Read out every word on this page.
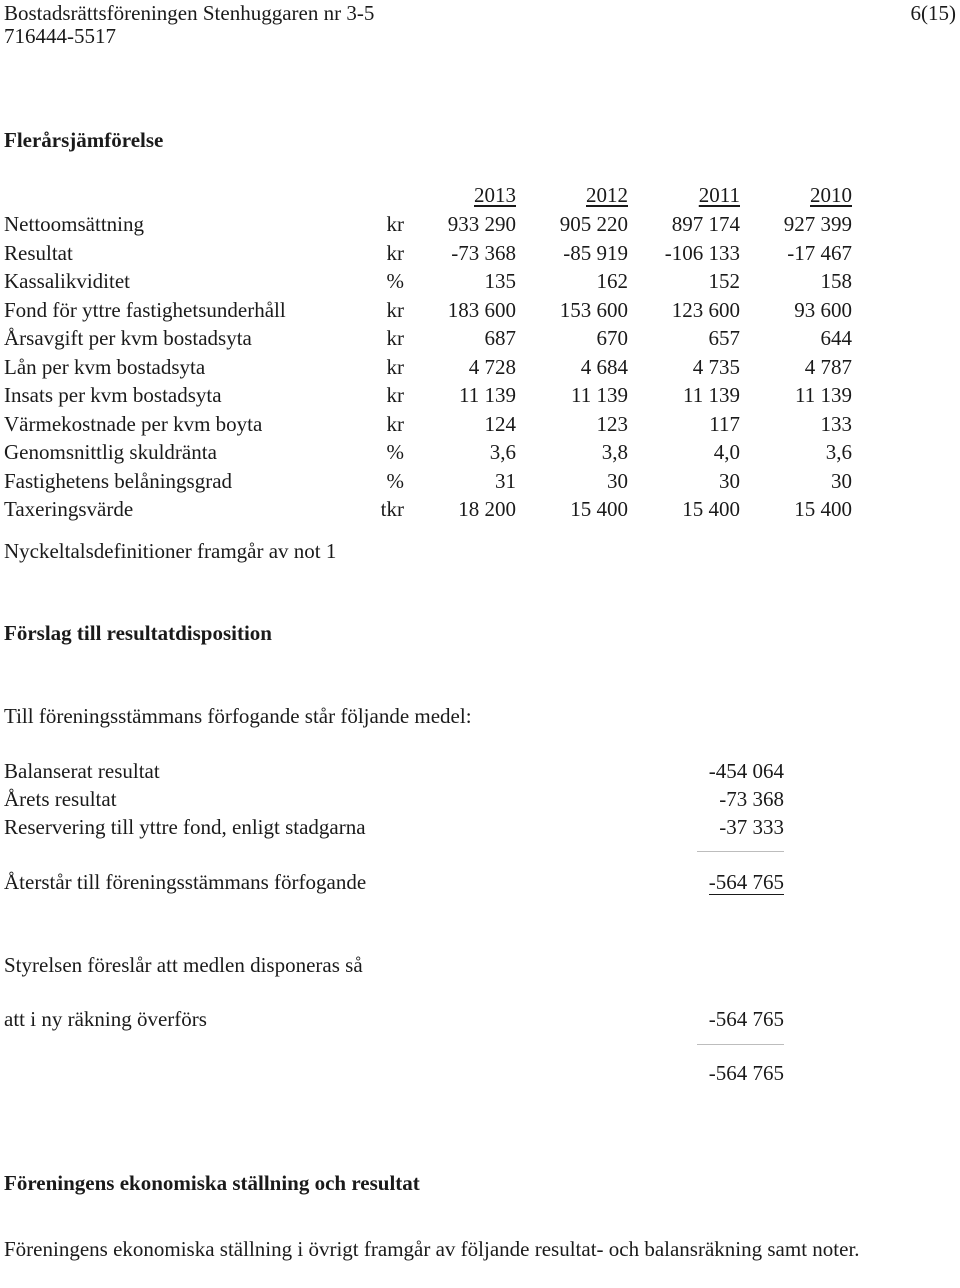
Bostadsrättsföreningen Stenhuggaren nr 3-5	6(15)
716444-5517
Flerårsjämförelse
2013	2012	2011	2010
Nettoomsättning	kr	933 290	905 220	897 174	927 399
Resultat	kr	-73 368	-85 919	-106 133	-17 467
Kassalikviditet	%	135	162	152	158
Fond för yttre fastighetsunderhåll	kr	183 600	153 600	123 600	93 600
Årsavgift per kvm bostadsyta	kr	687	670	657	644
Lån per kvm bostadsyta	kr	4 728	4 684	4 735	4 787
Insats per kvm bostadsyta	kr	11 139	11 139	11 139	11 139
Värmekostnade per kvm boyta	kr	124	123	117	133
Genomsnittlig skuldränta	%	3,6	3,8	4,0	3,6
Fastighetens belåningsgrad	%	31	30	30	30
Taxeringsvärde	tkr	18 200	15 400	15 400	15 400
Nyckeltalsdefinitioner framgår av not 1
Förslag till resultatdisposition
Till föreningsstämmans förfogande står följande medel:
Balanserat resultat	-454 064
Årets resultat	-73 368
Reservering till yttre fond, enligt stadgarna	-37 333
Återstår till föreningsstämmans förfogande	-564 765
Styrelsen föreslår att medlen disponeras så
att i ny räkning överförs	-564 765
-564 765
Föreningens ekonomiska ställning och resultat
Föreningens ekonomiska ställning i övrigt framgår av följande resultat- och balansräkning samt noter.
